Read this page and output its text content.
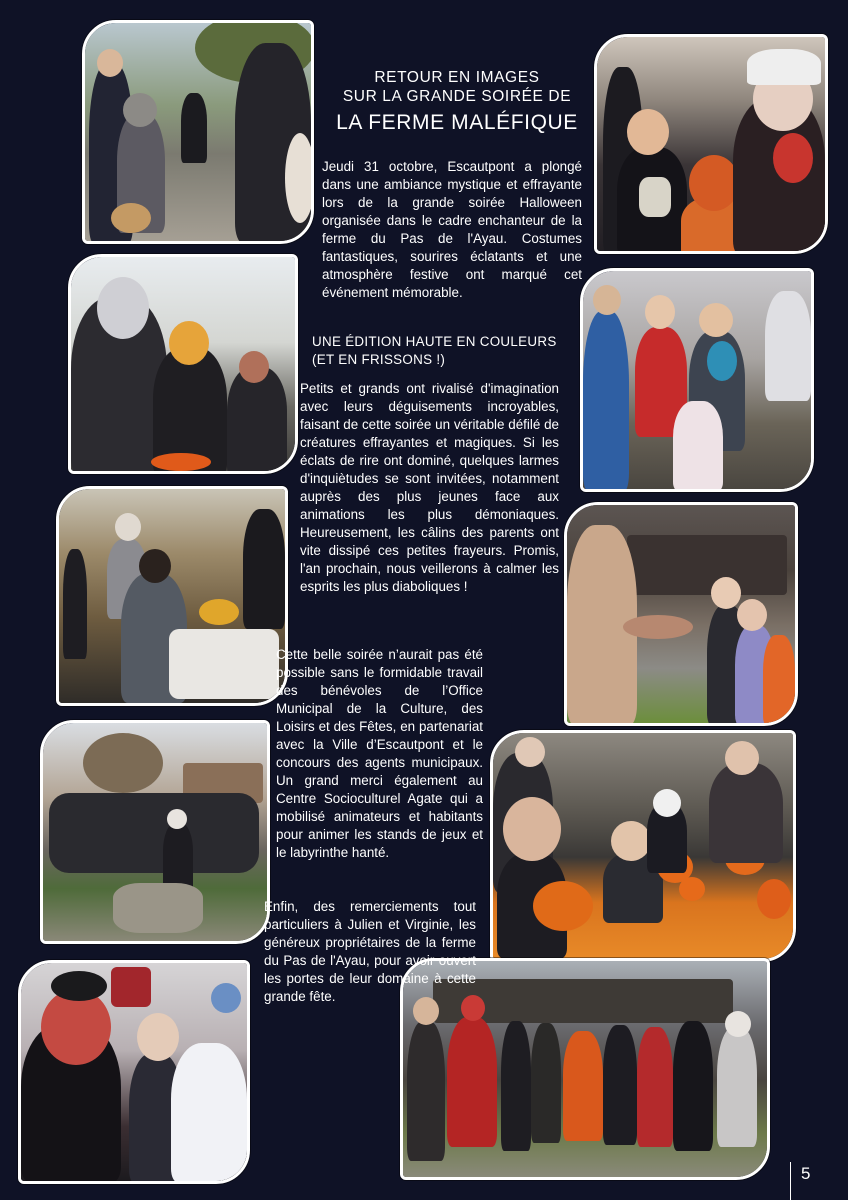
RETOUR EN IMAGES
SUR LA GRANDE SOIRÉE DE
LA FERME MALÉFIQUE

Jeudi 31 octobre, Escautpont a plongé dans une ambiance mystique et effrayante lors de la grande soirée Halloween organisée dans le cadre enchanteur de la ferme du Pas de l'Ayau. Costumes fantastiques, sourires éclatants et une atmosphère festive ont marqué cet événement mémorable.

UNE ÉDITION HAUTE EN COULEURS (ET EN FRISSONS !)

Petits et grands ont rivalisé d'imagination avec leurs déguisements incroyables, faisant de cette soirée un véritable défilé de créatures effrayantes et magiques. Si les éclats de rire ont dominé, quelques larmes d'inquiètudes se sont invitées, notamment auprès des plus jeunes face aux animations les plus démoniaques. Heureusement, les câlins des parents ont vite dissipé ces petites frayeurs. Promis, l'an prochain, nous veillerons à calmer les esprits les plus diaboliques !

Cette belle soirée n’aurait pas été possible sans le formidable travail des bénévoles de l’Office Municipal de la Culture, des Loisirs et des Fêtes, en partenariat avec la Ville d’Escautpont et le concours des agents municipaux. Un grand merci également au Centre Socioculturel Agate qui a mobilisé animateurs et habitants pour animer les stands de jeux et le labyrinthe hanté.

Enfin, des remerciements tout particuliers à Julien et Virginie, les généreux propriétaires de la ferme du Pas de l'Ayau, pour avoir ouvert les portes de leur domaine à cette grande fête.

5
